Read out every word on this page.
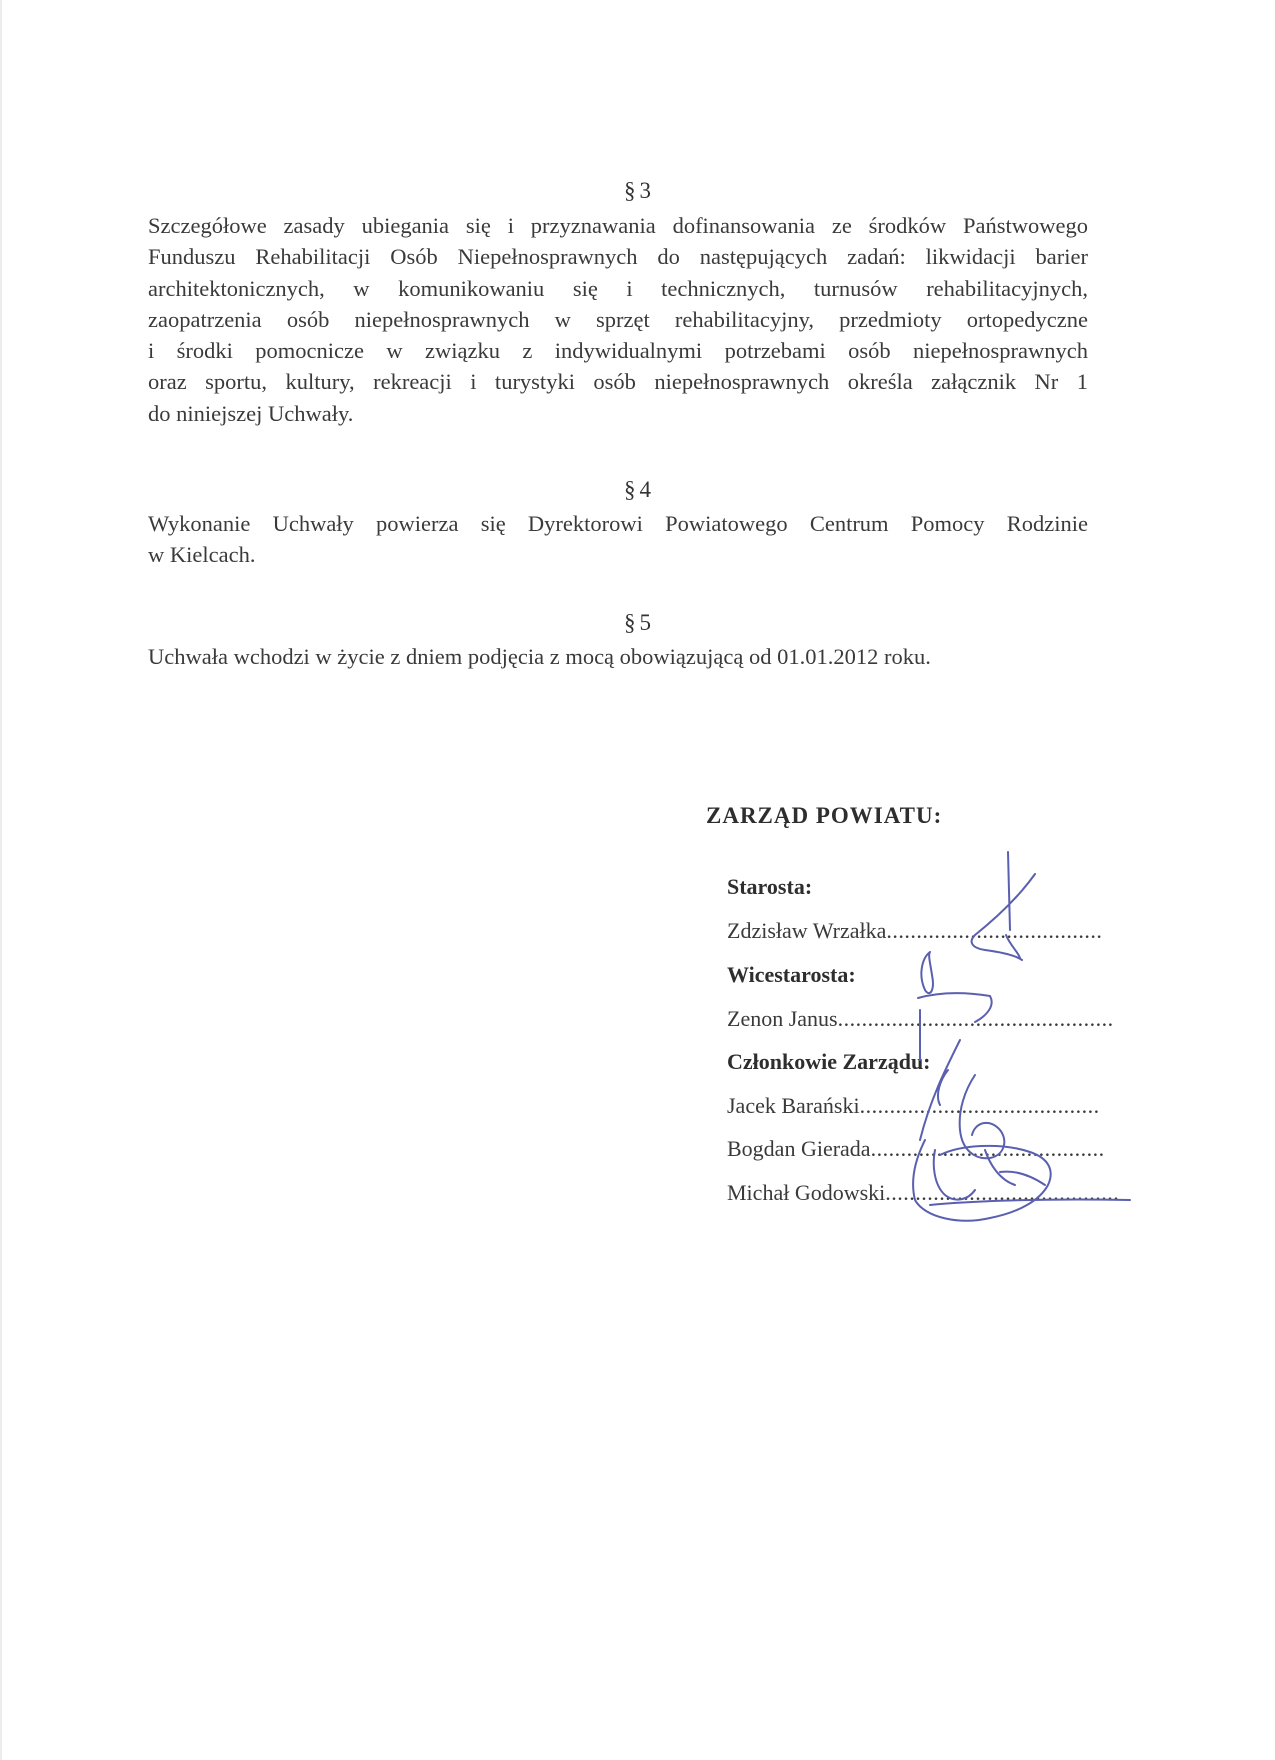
§ 3
Szczegółowe zasady ubiegania się i przyznawania dofinansowania ze środków Państwowego
Funduszu Rehabilitacji Osób Niepełnosprawnych do następujących zadań: likwidacji barier
architektonicznych, w komunikowaniu się i technicznych, turnusów rehabilitacyjnych,
zaopatrzenia osób niepełnosprawnych w sprzęt rehabilitacyjny, przedmioty ortopedyczne
i środki pomocnicze w związku z indywidualnymi potrzebami osób niepełnosprawnych
oraz sportu, kultury, rekreacji i turystyki osób niepełnosprawnych określa załącznik Nr 1
do niniejszej Uchwały.
§ 4
Wykonanie Uchwały powierza się Dyrektorowi Powiatowego Centrum Pomocy Rodzinie
w Kielcach.
§ 5
Uchwała wchodzi w życie z dniem podjęcia z mocą obowiązującą od 01.01.2012 roku.
ZARZĄD POWIATU:
Starosta:
Zdzisław Wrzałka....................................
Wicestarosta:
Zenon Janus..............................................
Członkowie Zarządu:
Jacek Barański........................................
Bogdan Gierada.......................................
Michał Godowski.......................................
